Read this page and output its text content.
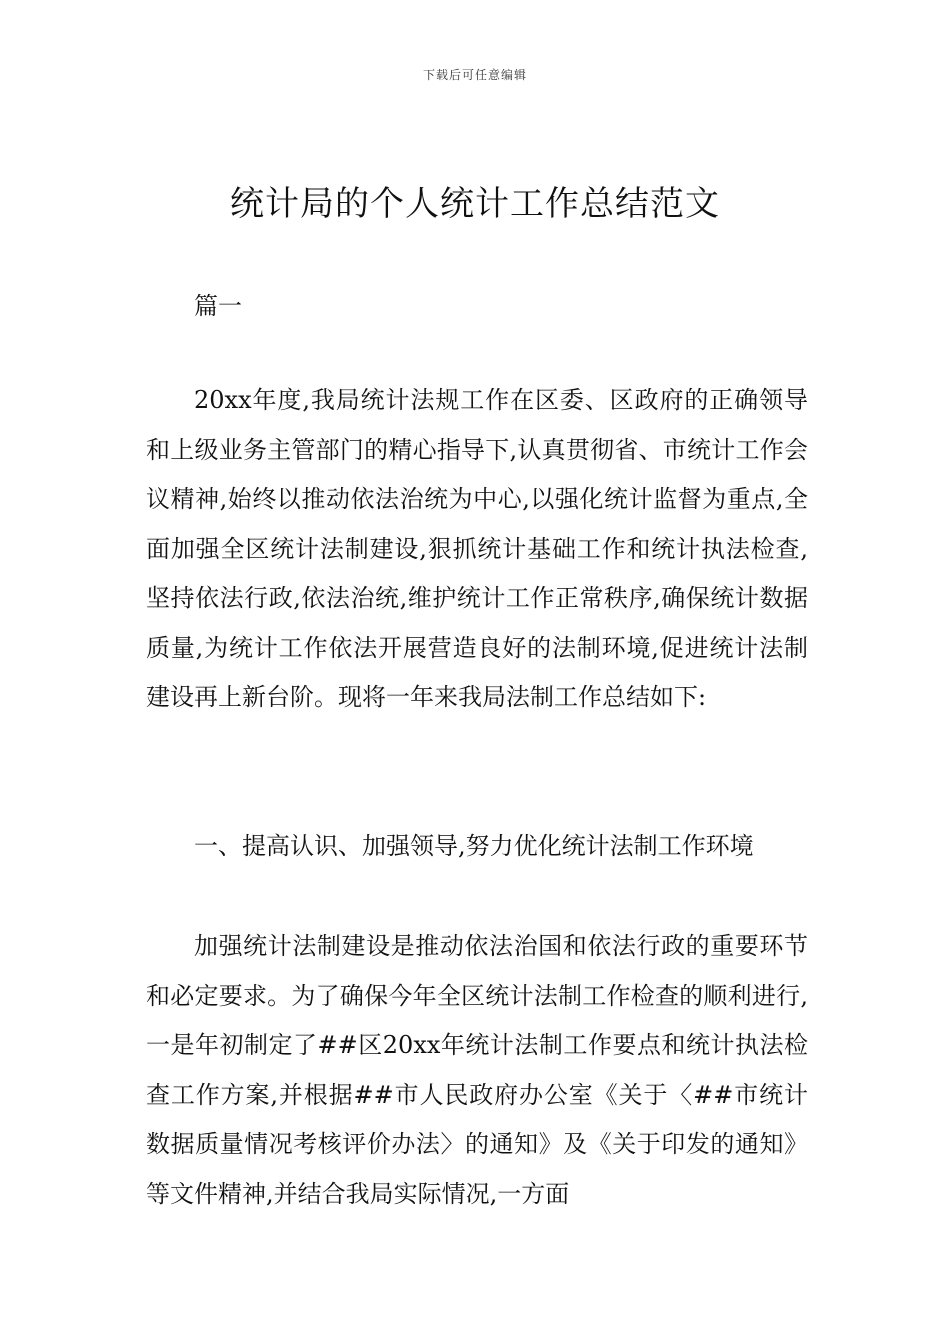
下载后可任意编辑
统计局的个人统计工作总结范文

篇一

20xx年度,我局统计法规工作在区委、区政府的正确领导和上级业务主管部门的精心指导下,认真贯彻省、市统计工作会议精神,始终以推动依法治统为中心,以强化统计监督为重点,全面加强全区统计法制建设,狠抓统计基础工作和统计执法检查,坚持依法行政,依法治统,维护统计工作正常秩序,确保统计数据质量,为统计工作依法开展营造良好的法制环境,促进统计法制建设再上新台阶。现将一年来我局法制工作总结如下:

一、提高认识、加强领导,努力优化统计法制工作环境

加强统计法制建设是推动依法治国和依法行政的重要环节和必定要求。为了确保今年全区统计法制工作检查的顺利进行,一是年初制定了##区20xx年统计法制工作要点和统计执法检查工作方案,并根据##市人民政府办公室《关于〈##市统计数据质量情况考核评价办法〉的通知》及《关于印发的通知》等文件精神,并结合我局实际情况,一方面
